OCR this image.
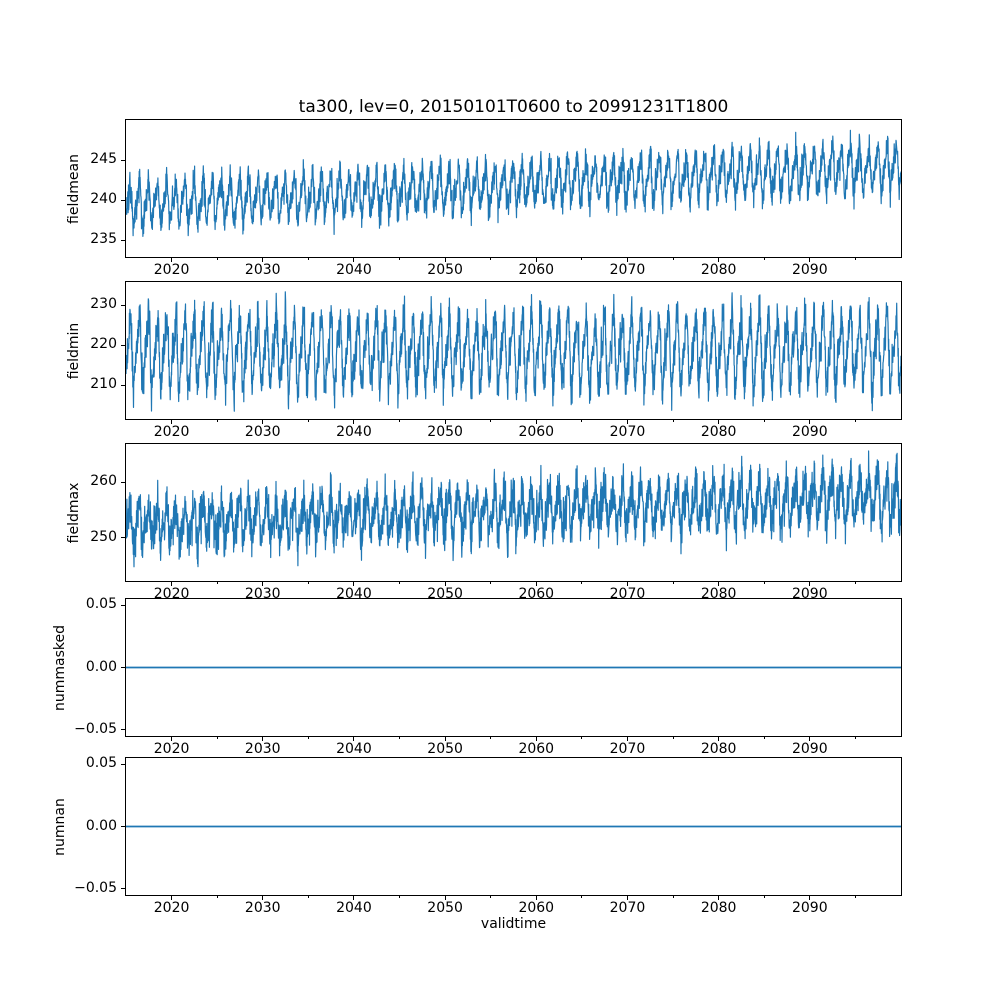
ta300, lev=0, 20150101T0600 to 20991231T1800
fieldmean
fieldmin
fieldmax
nummasked
numnan
validtime
2020	2030	2040	2050	2060	2070	2080	2090
235
240
245
2020	2030	2040	2050	2060	2070	2080	2090
210
220
230
2020	2030	2040	2050	2060	2070	2080	2090
250
260
2020	2030	2040	2050	2060	2070	2080	2090
0.05
0.00
−0.05
2020	2030	2040	2050	2060	2070	2080	2090
0.05
0.00
−0.05
